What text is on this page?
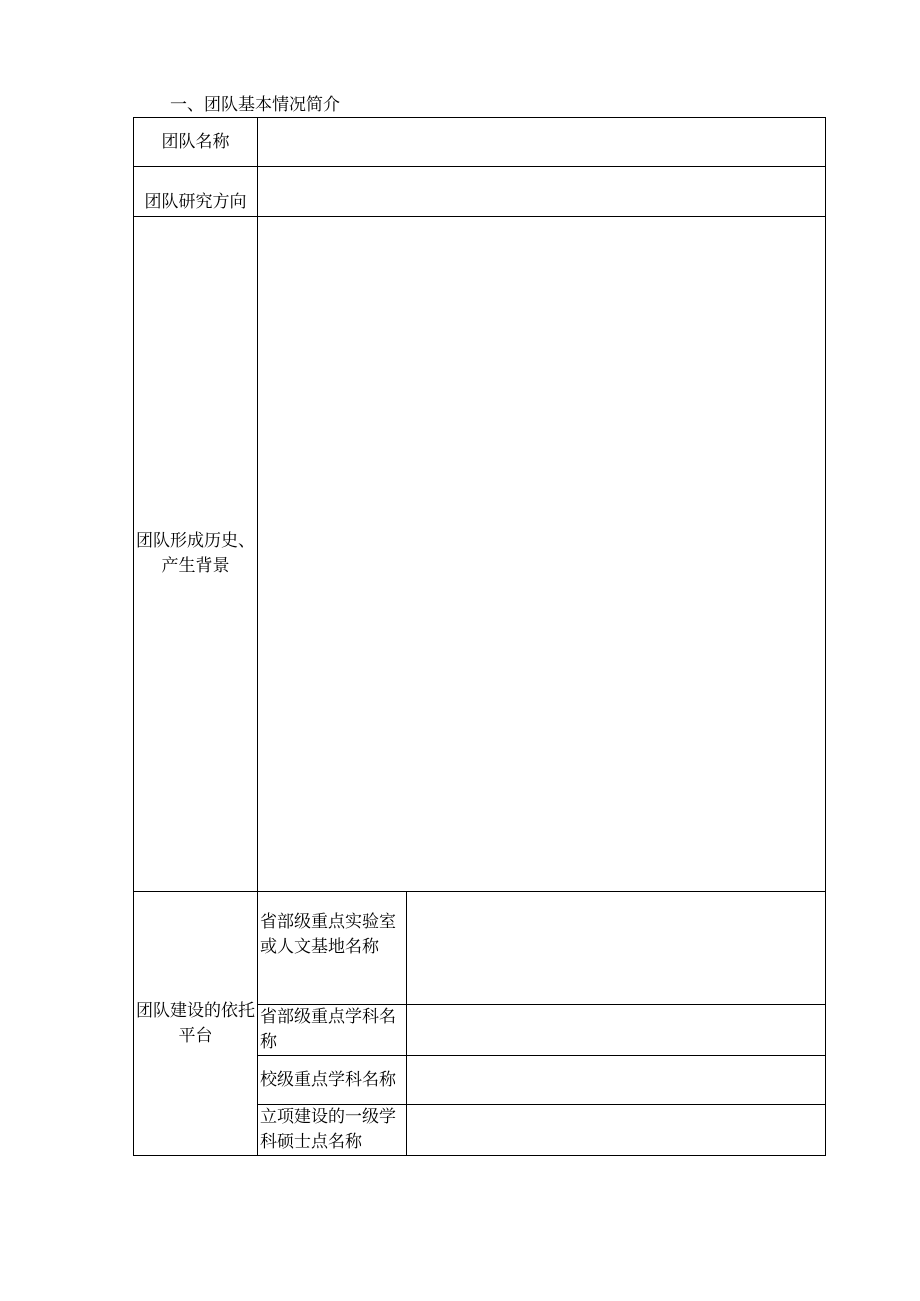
一、团队基本情况简介
团队名称		
团队研究方向		
团队形成历史、产生背景		
团队建设的依托平台	省部级重点实验室或人文基地名称	
	省部级重点学科名称	
	校级重点学科名称	
	立项建设的一级学科硕士点名称	
